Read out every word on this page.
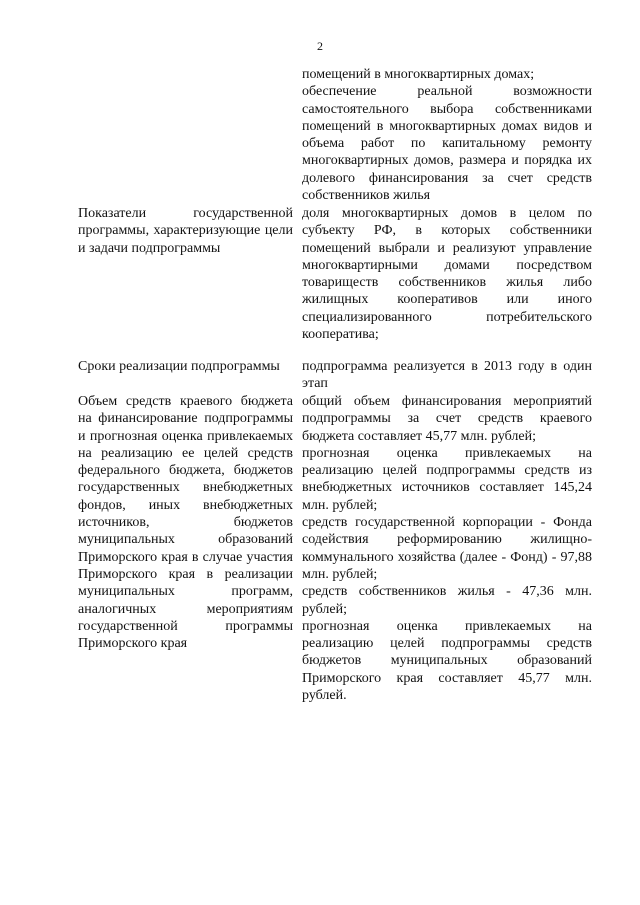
2

помещений в многоквартирных домах;

обеспечение реальной возможности самостоятельного выбора собственниками помещений в многоквартирных домах видов и объема работ по капитальному ремонту многоквартирных домов, размера и порядка их долевого финансирования за счет средств собственников жилья

Показатели государственной программы, характеризующие цели и задачи подпрограммы

доля многоквартирных домов в целом по субъекту РФ, в которых собственники помещений выбрали и реализуют управление многоквартирными домами посредством товариществ собственников жилья либо жилищных кооперативов или иного специализированного потребительского кооператива;

Сроки реализации подпрограммы	подпрограмма реализуется в 2013 году в один этап

Объем средств краевого бюджета на финансирование подпрограммы и прогнозная оценка привлекаемых на реализацию ее целей средств федерального бюджета, бюджетов государственных внебюджетных фондов, иных внебюджетных источников, бюджетов муниципальных образований Приморского края в случае участия Приморского края в реализации муниципальных программ, аналогичных мероприятиям государственной программы Приморского края

общий объем финансирования мероприятий подпрограммы за счет средств краевого бюджета составляет 45,77 млн. рублей;

прогнозная оценка привлекаемых на реализацию целей подпрограммы средств из внебюджетных источников составляет 145,24 млн. рублей;

средств государственной корпорации - Фонда содействия реформированию жилищно-коммунального хозяйства (далее - Фонд) - 97,88 млн. рублей;

средств собственников жилья - 47,36 млн. рублей;

прогнозная оценка привлекаемых на реализацию целей подпрограммы средств бюджетов муниципальных образований Приморского края составляет 45,77 млн. рублей.
